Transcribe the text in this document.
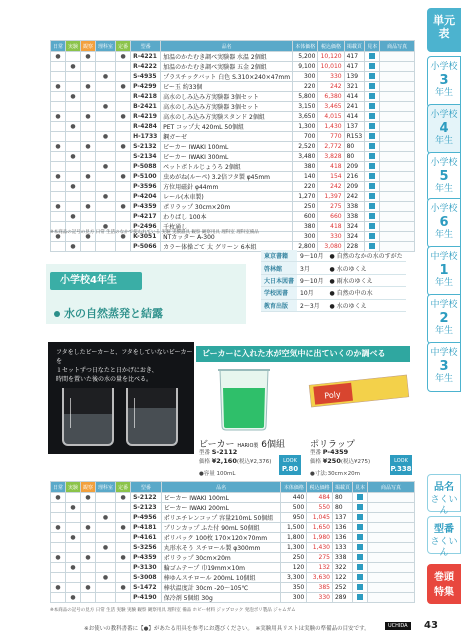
単元表
小学校
3
年生
小学校
4
年生
小学校
5
年生
小学校
6
年生
中学校
1
年生
中学校
2
年生
中学校
3
年生
品名
さくいん
型番
さくいん
巻頭
特集
日常	実験	観察	理科室	定番	型番	品名	本体価格	税込価格	掲載頁	見本	商品写真
●		●		●	R-4221	加温のかたむき調べ実験器 水温 2個組	5,200	10,120	417		
	●				R-4222	加温のかたむき調べ実験器 五金 2個組	9,100	10,010	417		
			●		S-4935	プラスチックバット 白色 S.310×240×47mm	300	330	139		
●		●		●	P-4299	ビー玉 約33個	220	242	321		
	●				R-4218	高水のしみ込み方実験器 3個セット	5,800	6,380	414		
			●		B-2421	高水のしみ込み方実験器 3個セット	3,150	3,465	241		
●		●		●	R-4219	高水のしみ込み方実験スタンド 2個組	3,650	4,015	414		
	●				R-4284	PET コップ大 420mL 50個組	1,300	1,430	137		
			●		H-1733	鋼ガーゼ	700	770	R153		
●		●		●	S-2132	ビーカー IWAKI 100mL	2,520	2,772	80		
	●				S-2134	ビーカー IWAKI 300mL	3,480	3,828	80		
			●		P-5088	ペットボトルじょうろ 2個組	380	418	209		
●		●		●	P-5100	虫めがね(ルーペ) 3.2倍フタ製 φ45mm	140	154	216		
	●				P-3596	方位用磁針 φ44mm	220	242	209		
			●		P-4204	レール(木車製)	1,270	1,397	242		
●		●		●	P-4359	ポリラップ 30cm×20m	250	275	338		
	●				P-4217	わりばし 100本	600	660	338		
			●		P-2496	千枚通し	380	418	324		
●		●		●	K-3051	NTカッター A-300	300	330	324		
	●				P-5066	カラー体操ごて 太 グリーン 6本組	2,800	3,080	228		
※本商品の記号の見方 日常 生活のなかで使われている 実験 実験器具 観察 観察用具 理科室 理科室備品
小学校4年生
水の自然蒸発と結露
東京書籍	9〜10月	● 自然のなかの水のすがた
啓林館	3月	● 水のゆくえ
大日本図書	9〜10月	● 雨水のゆくえ
学校図書	10月	● 自然の中の水
教育出版	2〜3月	● 水のゆくえ
フタをしたビーカーと、フタをしていないビーカーを
１セットずつ日なたと日かげにおき、
時間を置いた後の水の量を比べる。
ビーカーに入れた水が空気中に出ていくのか調べる
ビーカー HARIO製 6個組
型番 S-2112
価格 ¥2,160(税込¥2,376)
●容量 100mL
LOOK
P.80
Poly
ポリラップ
型番 P-4359
価格 ¥250(税込¥275)
●寸法:30cm×20m
LOOK
P.338
日常	実験	観察	理科室	定番	型番	品名	本体価格	税込価格	掲載頁	見本	商品写真
●		●		●	S-2122	ビーカー IWAKI 100mL	440	484	80		
	●				S-2123	ビーカー IWAKI 200mL	500	550	80		
			●		P-4956	ポリエチレンコップ 容量210mL 50個組	950	1,045	137		
●		●		●	P-4181	プリンカップ ふた付 90mL 50個組	1,500	1,650	136		
	●				P-4161	ポリパック 100枚 170×120×70mm	1,800	1,980	136		
			●		S-3256	丸形水そう スチロール製 φ300mm	1,300	1,430	133		
●		●		●	P-4359	ポリラップ 30cm×20m	250	275	338		
	●				P-3130	輪ゴムテープ 巾19mm×10m	120	132	322		
			●		S-3008	棒ゆんスチロール 200mL 10個組	3,300	3,630	122		
●		●		●	S-1472	棒状温度計 30cm -20〜105℃	350	385	252		
	●				P-4190	保冷剤 5個組 30g	300	330	289		
※本商品の記号の見方 日常 生活 実験 実験 観察 観察用具 理科室 備品 ホビー材料 ジップロック 発泡ポリ製品 ジャムガム
※お使いの教科書番に【●】があたる用具を参考にお選びください。　※実験用具リストは実験の準備品の目安です。	UCHIDA	43
